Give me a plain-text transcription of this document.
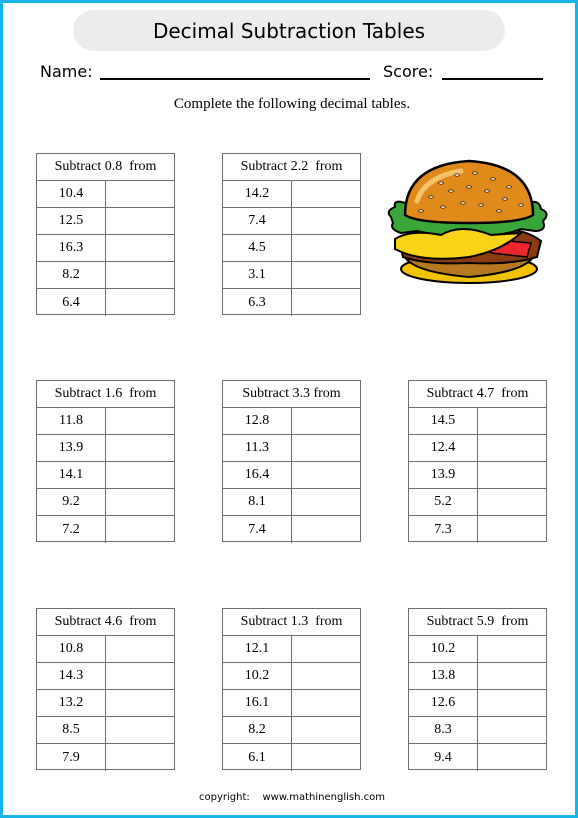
Decimal Subtraction Tables
Name:	Score:
Complete the following decimal tables.
Subtract 0.8  from
10.4
12.5
16.3
8.2
6.4
Subtract 2.2  from
14.2
7.4
4.5
3.1
6.3
Subtract 1.6  from
11.8
13.9
14.1
9.2
7.2
Subtract 3.3 from
12.8
11.3
16.4
8.1
7.4
Subtract 4.7  from
14.5
12.4
13.9
5.2
7.3
Subtract 4.6  from
10.8
14.3
13.2
8.5
7.9
Subtract 1.3  from
12.1
10.2
16.1
8.2
6.1
Subtract 5.9  from
10.2
13.8
12.6
8.3
9.4
copyright:    www.mathinenglish.com
